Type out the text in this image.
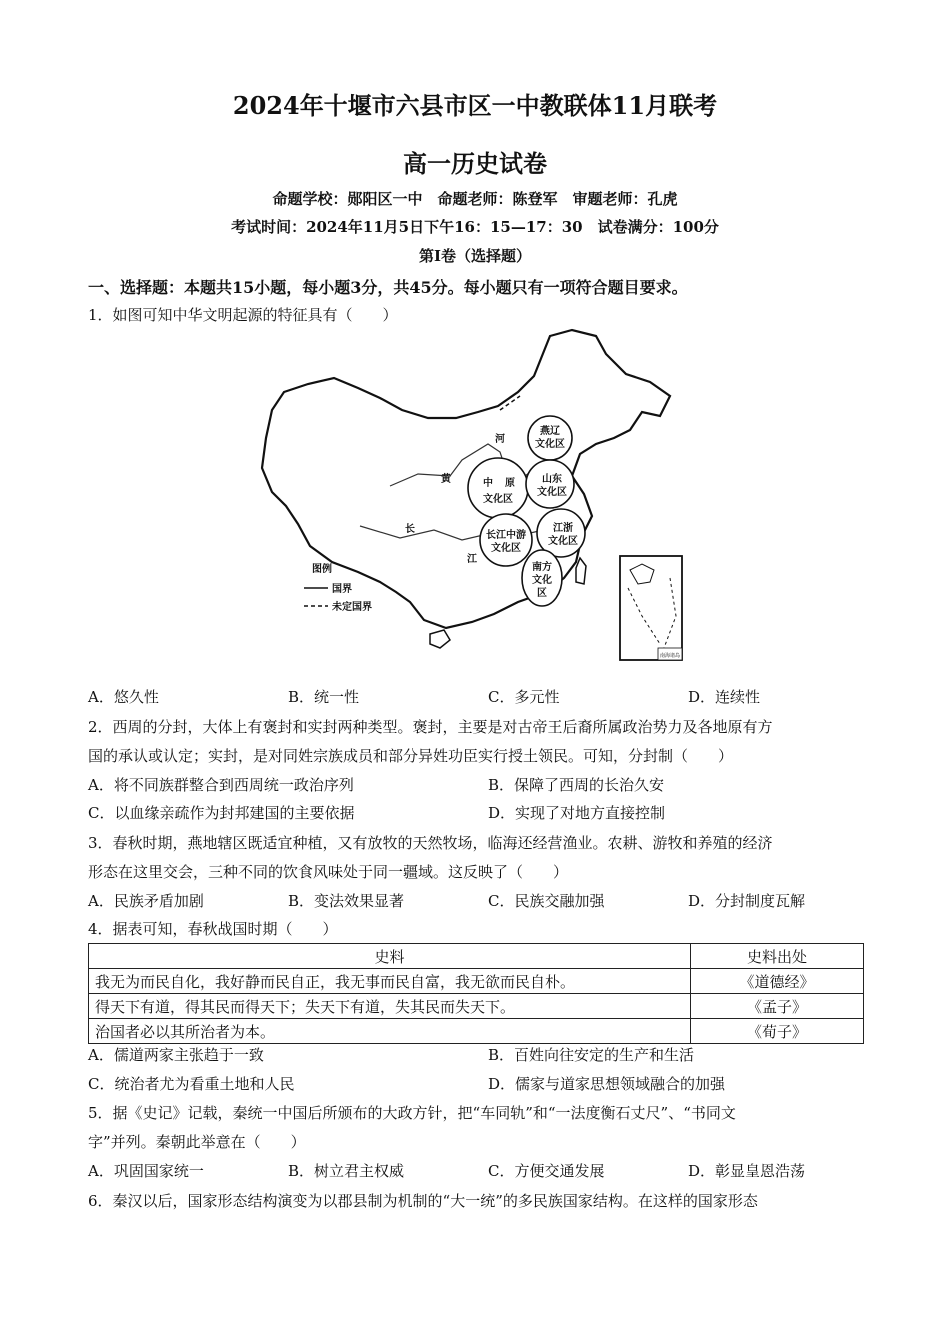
2024年十堰市六县市区一中教联体11月联考
高一历史试卷
命题学校：郧阳区一中　命题老师：陈登军　审题老师：孔虎
考试时间：2024年11月5日下午16：15—17：30　试卷满分：100分
第Ⅰ卷（选择题）
一、选择题：本题共15小题，每小题3分，共45分。每小题只有一项符合题目要求。
1．如图可知中华文明起源的特征具有（　　）
燕辽
文化区
中 原
文化区
山东
文化区
长江中游
文化区
江浙
文化区
南方
文化
区
河
黄
长
江
图例
国界
未定国界
南海诸岛
A．悠久性	B．统一性	C．多元性	D．连续性
2．西周的分封，大体上有褒封和实封两种类型。褒封，主要是对古帝王后裔所属政治势力及各地原有方
国的承认或认定；实封，是对同姓宗族成员和部分异姓功臣实行授土领民。可知，分封制（　　）
A．将不同族群整合到西周统一政治序列	B．保障了西周的长治久安
C．以血缘亲疏作为封邦建国的主要依据	D．实现了对地方直接控制
3．春秋时期，燕地辖区既适宜种植，又有放牧的天然牧场，临海还经营渔业。农耕、游牧和养殖的经济
形态在这里交会，三种不同的饮食风味处于同一疆域。这反映了（　　）
A．民族矛盾加剧	B．变法效果显著	C．民族交融加强	D．分封制度瓦解
4．据表可知，春秋战国时期（　　）
史料	史料出处
我无为而民自化，我好静而民自正，我无事而民自富，我无欲而民自朴。	《道德经》
得天下有道，得其民而得天下；失天下有道，失其民而失天下。	《孟子》
治国者必以其所治者为本。	《荀子》
A．儒道两家主张趋于一致	B．百姓向往安定的生产和生活
C．统治者尤为看重土地和人民	D．儒家与道家思想领域融合的加强
5．据《史记》记载，秦统一中国后所颁布的大政方针，把“车同轨”和“一法度衡石丈尺”、“书同文
字”并列。秦朝此举意在（　　）
A．巩固国家统一	B．树立君主权威	C．方便交通发展	D．彰显皇恩浩荡
6．秦汉以后，国家形态结构演变为以郡县制为机制的“大一统”的多民族国家结构。在这样的国家形态
